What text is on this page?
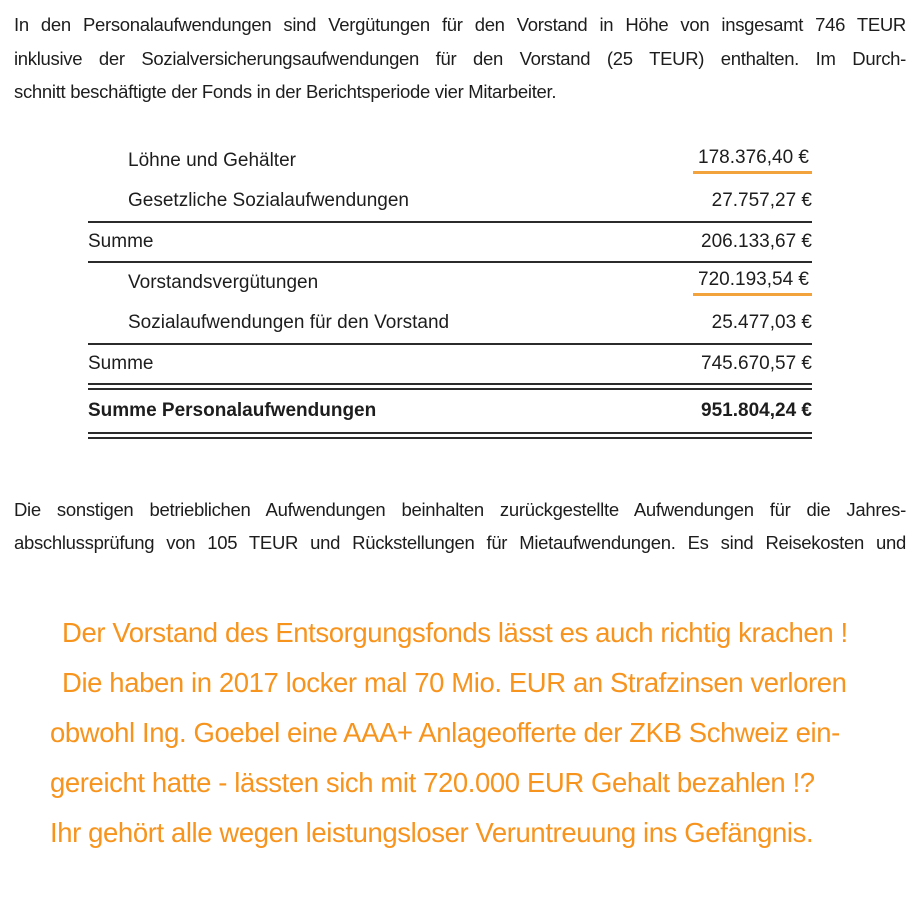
In den Personalaufwendungen sind Vergütungen für den Vorstand in Höhe von insgesamt 746 TEUR
inklusive der Sozialversicherungsaufwendungen für den Vorstand (25 TEUR) enthalten. Im Durch-
schnitt beschäftigte der Fonds in der Berichtsperiode vier Mitarbeiter.
Löhne und Gehälter	178.376,40 €
Gesetzliche Sozialaufwendungen	27.757,27 €
Summe	206.133,67 €
Vorstandsvergütungen	720.193,54 €
Sozialaufwendungen für den Vorstand	25.477,03 €
Summe	745.670,57 €
Summe Personalaufwendungen	951.804,24 €
Die sonstigen betrieblichen Aufwendungen beinhalten zurückgestellte Aufwendungen für die Jahres-
abschlussprüfung von 105 TEUR und Rückstellungen für Mietaufwendungen. Es sind Reisekosten und
Der Vorstand des Entsorgungsfonds lässt es auch richtig krachen !
Die haben in 2017 locker mal 70 Mio. EUR an Strafzinsen verloren
obwohl Ing. Goebel eine AAA+ Anlageofferte der ZKB Schweiz ein-
gereicht hatte - lässten sich mit 720.000 EUR Gehalt bezahlen !?
Ihr gehört alle wegen leistungsloser Veruntreuung ins Gefängnis.
